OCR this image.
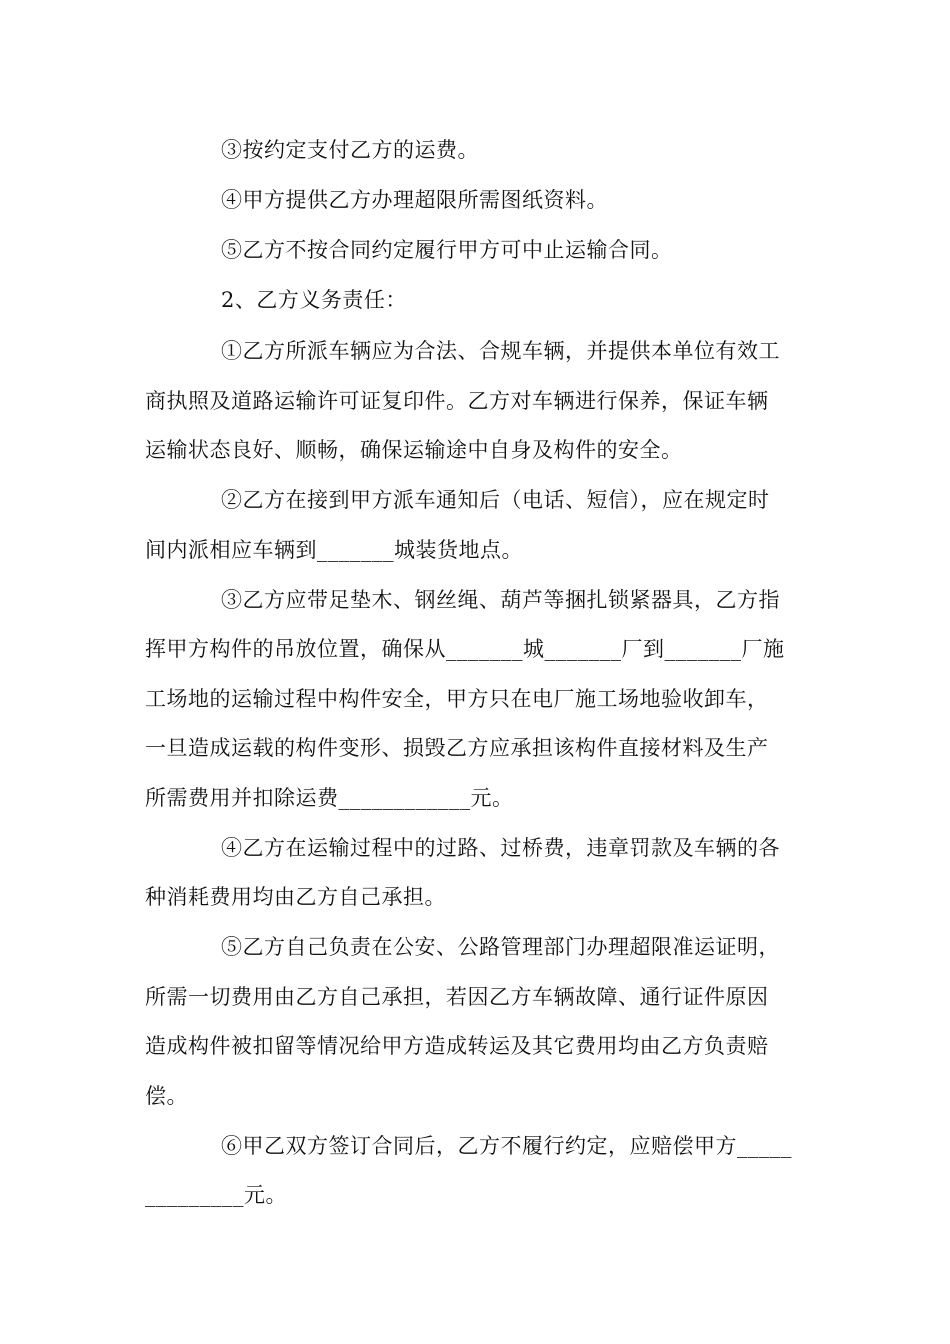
③按约定支付乙方的运费。
④甲方提供乙方办理超限所需图纸资料。
⑤乙方不按合同约定履行甲方可中止运输合同。
2、乙方义务责任：
①乙方所派车辆应为合法、合规车辆，并提供本单位有效工
商执照及道路运输许可证复印件。乙方对车辆进行保养，保证车辆
运输状态良好、顺畅，确保运输途中自身及构件的安全。
②乙方在接到甲方派车通知后（电话、短信），应在规定时
间内派相应车辆到_______城装货地点。
③乙方应带足垫木、钢丝绳、葫芦等捆扎锁紧器具，乙方指
挥甲方构件的吊放位置，确保从_______城_______厂到_______厂施
工场地的运输过程中构件安全，甲方只在电厂施工场地验收卸车，
一旦造成运载的构件变形、损毁乙方应承担该构件直接材料及生产
所需费用并扣除运费____________元。
④乙方在运输过程中的过路、过桥费，违章罚款及车辆的各
种消耗费用均由乙方自己承担。
⑤乙方自己负责在公安、公路管理部门办理超限准运证明，
所需一切费用由乙方自己承担，若因乙方车辆故障、通行证件原因
造成构件被扣留等情况给甲方造成转运及其它费用均由乙方负责赔
偿。
⑥甲乙双方签订合同后，乙方不履行约定，应赔偿甲方_____
_________元。
